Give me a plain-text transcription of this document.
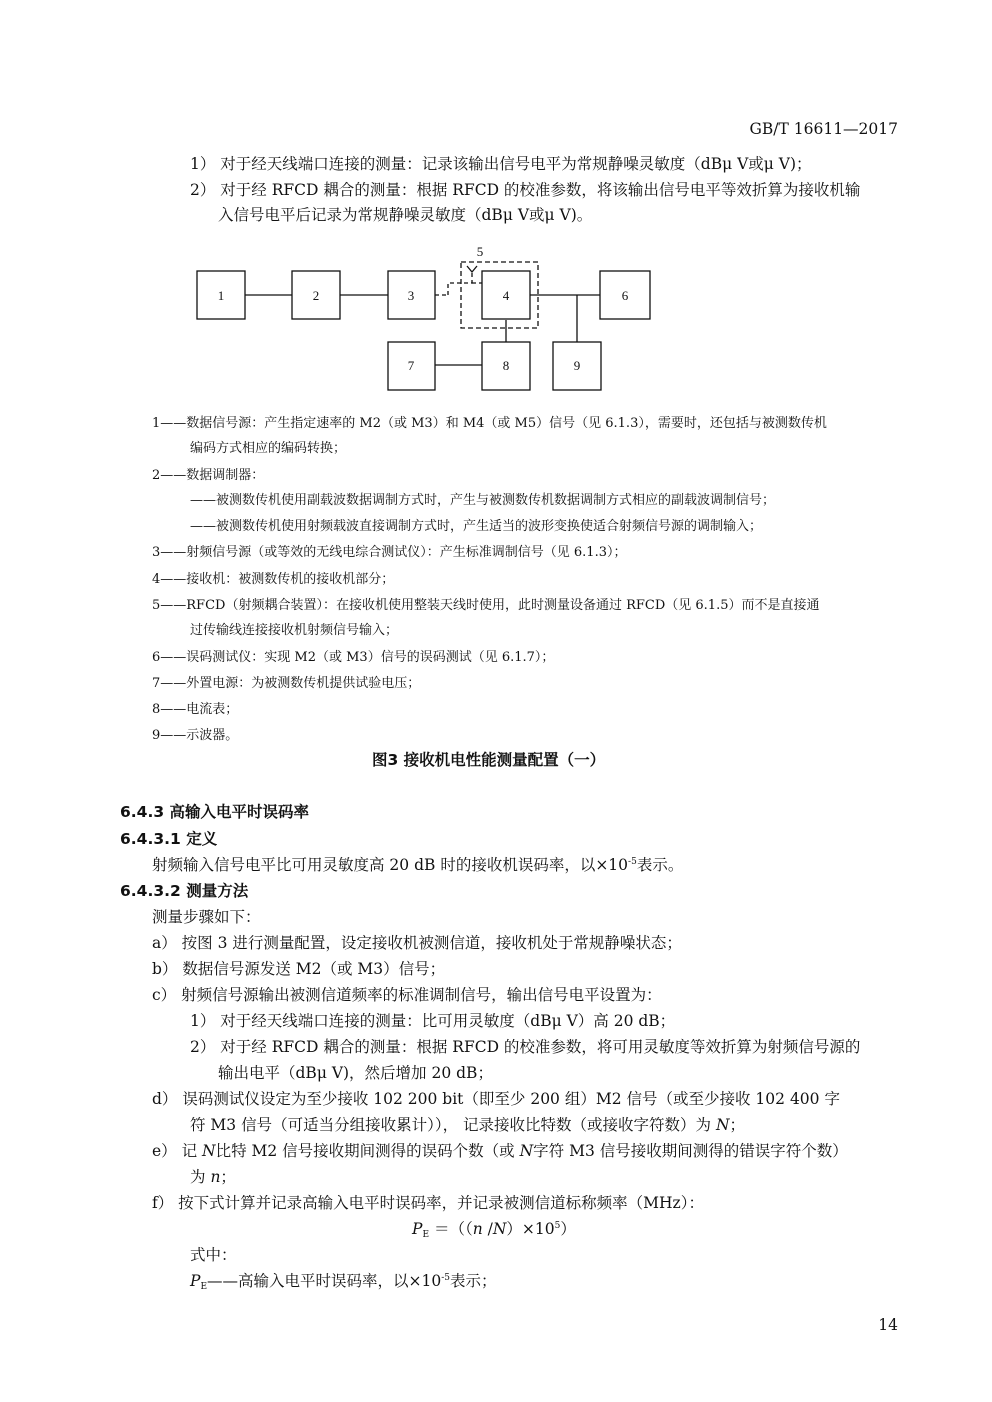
GB/T 16611—2017
1） 对于经天线端口连接的测量：记录该输出信号电平为常规静噪灵敏度（dBμ V或μ V)；
2） 对于经 RFCD 耦合的测量：根据 RFCD 的校准参数，将该输出信号电平等效折算为接收机输
入信号电平后记录为常规静噪灵敏度（dBμ V或μ V)。
1	2	3	4
5
6
7	8	9
1——数据信号源：产生指定速率的 M2（或 M3）和 M4（或 M5）信号（见 6.1.3），需要时，还包括与被测数传机
编码方式相应的编码转换；
2——数据调制器：
——被测数传机使用副载波数据调制方式时，产生与被测数传机数据调制方式相应的副载波调制信号；
——被测数传机使用射频载波直接调制方式时，产生适当的波形变换使适合射频信号源的调制输入；
3——射频信号源（或等效的无线电综合测试仪）：产生标准调制信号（见 6.1.3）；
4——接收机：被测数传机的接收机部分；
5——RFCD（射频耦合装置）：在接收机使用整装天线时使用，此时测量设备通过 RFCD（见 6.1.5）而不是直接通
过传输线连接接收机射频信号输入；
6——误码测试仪：实现 M2（或 M3）信号的误码测试（见 6.1.7）；
7——外置电源：为被测数传机提供试验电压；
8——电流表；
9——示波器。
图3 接收机电性能测量配置（一）
6.4.3 高输入电平时误码率
6.4.3.1 定义
射频输入信号电平比可用灵敏度高 20 dB 时的接收机误码率，以$\times 10^{-5}$表示。
6.4.3.2 测量方法
测量步骤如下：
a） 按图 3 进行测量配置，设定接收机被测信道，接收机处于常规静噪状态；
b） 数据信号源发送 M2（或 M3）信号；
c） 射频信号源输出被测信道频率的标准调制信号，输出信号电平设置为：
1） 对于经天线端口连接的测量：比可用灵敏度（dBμ V）高 20 dB；
2） 对于经 RFCD 耦合的测量：根据 RFCD 的校准参数，将可用灵敏度等效折算为射频信号源的
输出电平（dBμ V)，然后增加 20 dB；
d） 误码测试仪设定为至少接收 102 200 bit（即至少 200 组）M2 信号（或至少接收 102 400 字
符 M3 信号（可适当分组接收累计））， 记录接收比特数（或接收字符数）为 N；
e） 记 N比特 M2 信号接收期间测得的误码个数（或 N字符 M3 信号接收期间测得的错误字符个数）
为 n；
f） 按下式计算并记录高输入电平时误码率，并记录被测信道标称频率（MHz）：
$P_E =((n$ $/N)\times 10^5$）
式中：
$P_E——$高输入电平时误码率，以$\times 10^{-5}$表示；
14
